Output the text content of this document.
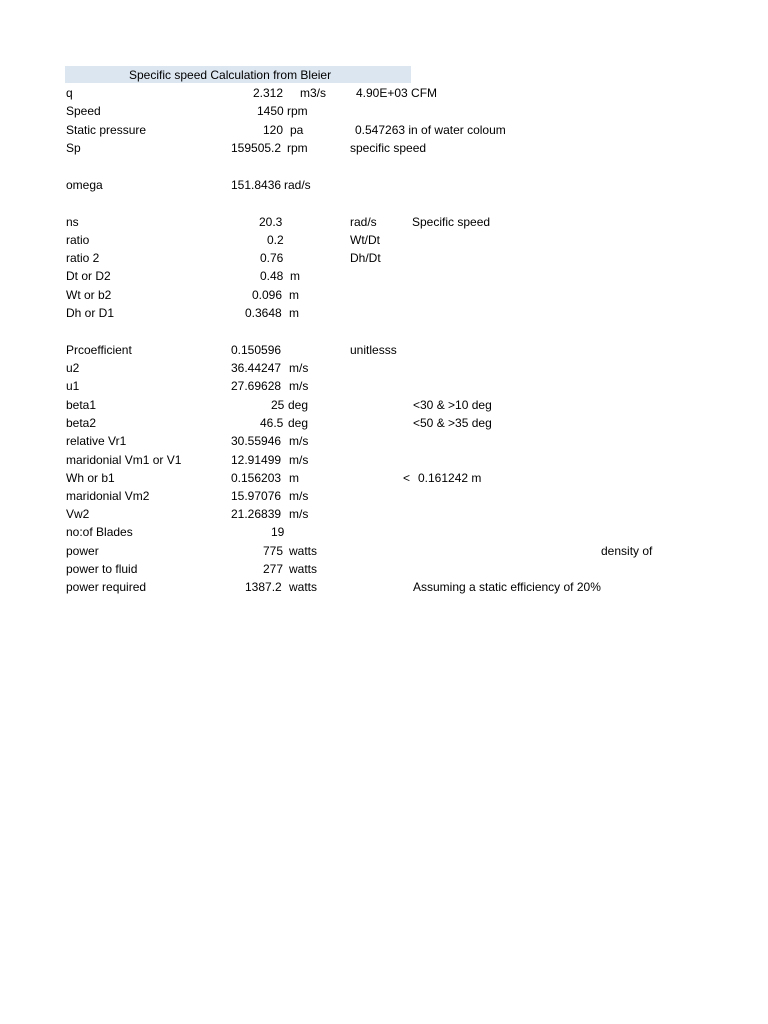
Specific speed Calculation from Bleier
q	2.312 m3/s 4.90E+03 CFM
Speed	1450 rpm
Static pressure	120 pa	0.547263 in of water coloum
Sp	159505.2 rpm	specific speed
omega	151.8436 rad/s
ns	20.3	rad/s	Specific speed
ratio	0.2	Wt/Dt
ratio 2	0.76	Dh/Dt
Dt or D2	0.48 m
Wt or b2	0.096 m
Dh or D1	0.3648 m
Prcoefficient	0.150596	unitlesss
u2	36.44247 m/s
u1	27.69628 m/s
beta1	25 deg	<30 & >10 deg
beta2	46.5 deg	<50 & >35 deg
relative Vr1	30.55946 m/s
maridonial Vm1 or V1	12.91499 m/s
Wh or b1	0.156203 m	< 0.161242 m
maridonial Vm2	15.97076 m/s
Vw2	21.26839 m/s
no:of Blades	19
power	775 watts	density of
power to fluid	277 watts
power required	1387.2 watts	Assuming a static efficiency of 20%
